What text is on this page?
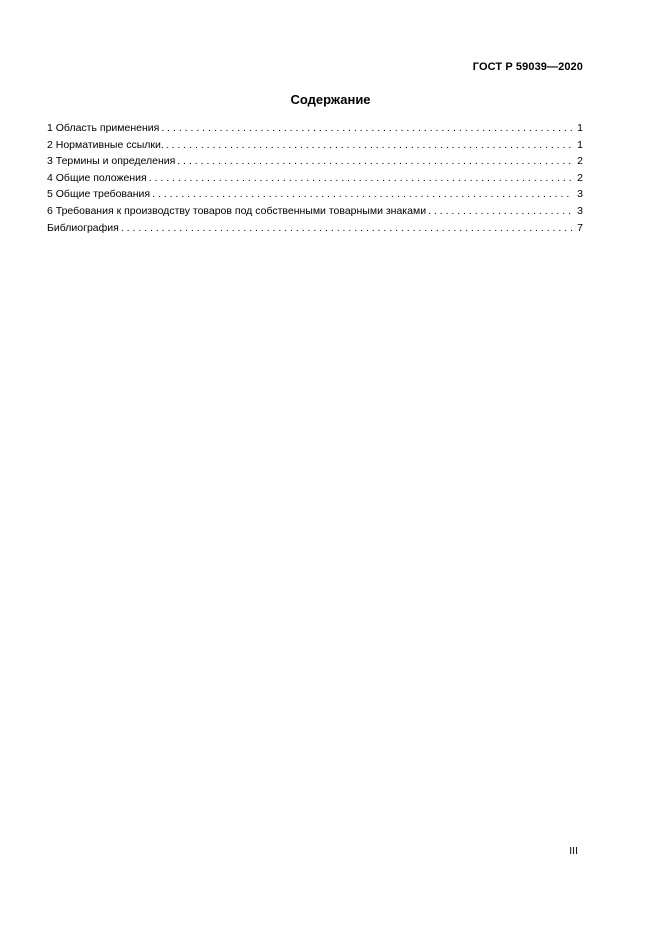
ГОСТ Р 59039—2020
Содержание
1 Область применения . . .	1
2 Нормативные ссылки. . . .	1
3 Термины и определения . . .	2
4 Общие положения . . .	2
5 Общие требования . . .	3
6 Требования к производству товаров под собственными товарными знаками . . .	3
Библиография . . .	7
III
